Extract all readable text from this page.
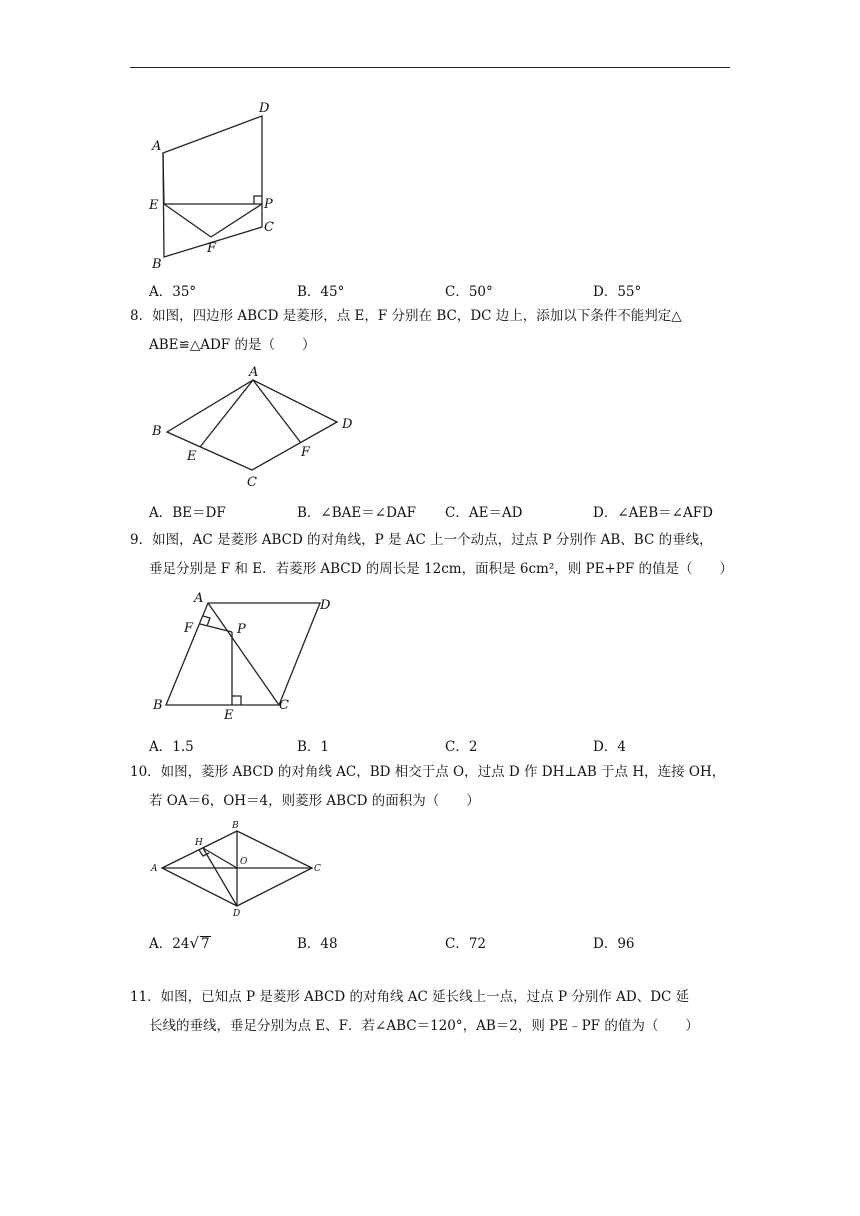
D
A
E	P
C
F
B
A．35°	B．45°	C．50°	D．55°
8．如图，四边形 ABCD 是菱形，点 E，F 分别在 BC，DC 边上，添加以下条件不能判定△
ABE≌△ADF 的是（　　）
A
B	D
E	F
C
A．BE＝DF	B．∠BAE＝∠DAF C．AE＝AD	D．∠AEB＝∠AFD
9．如图，AC 是菱形 ABCD 的对角线，P 是 AC 上一个动点，过点 P 分别作 AB、BC 的垂线，
垂足分别是 F 和 E．若菱形 ABCD 的周长是 12cm，面积是 6cm²，则 PE+PF 的值是（　　）
A	D
F	P
B
E
C
A．1.5	B．1	C．2	D．4
10．如图，菱形 ABCD 的对角线 AC，BD 相交于点 O，过点 D 作 DH⊥AB 于点 H，连接 OH，
若 OA＝6，OH＝4，则菱形 ABCD 的面积为（　　）
B
H
O
A	C
D
A．24√ 7	B．48	C．72	D．96
11．如图，已知点 P 是菱形 ABCD 的对角线 AC 延长线上一点，过点 P 分别作 AD、DC 延
长线的垂线，垂足分别为点 E、F．若∠ABC＝120°，AB＝2，则 PE﹣PF 的值为（　　）
